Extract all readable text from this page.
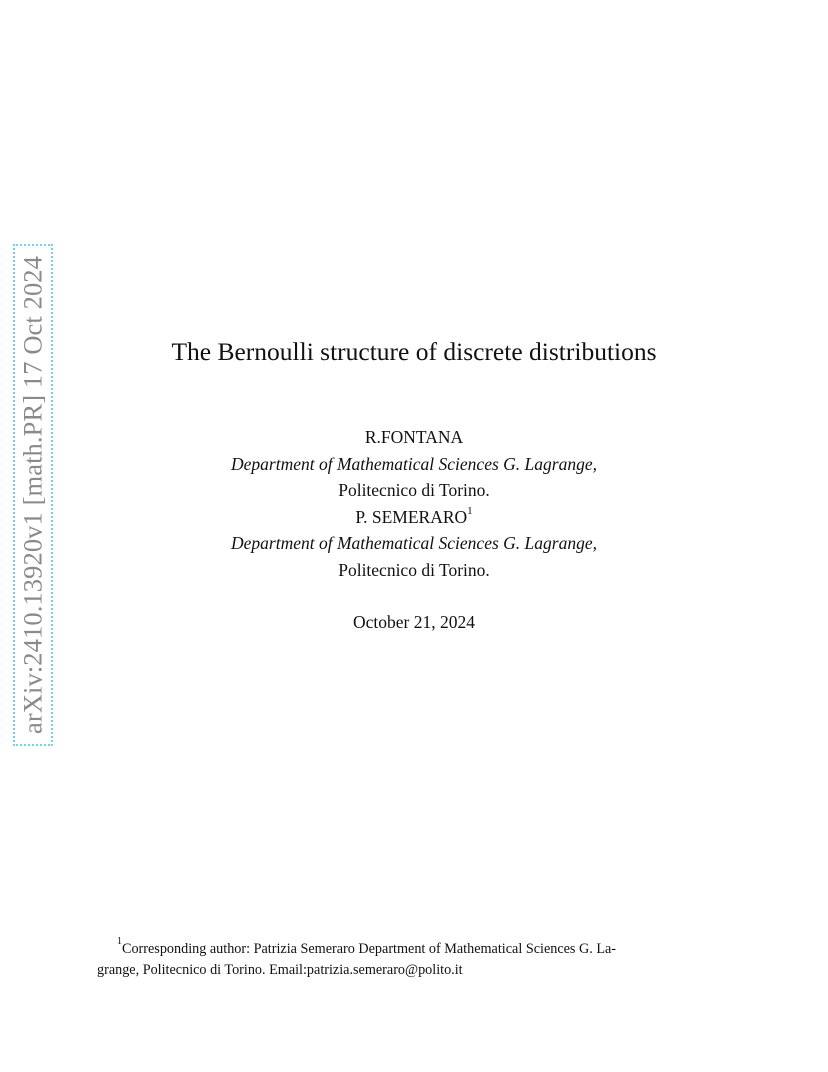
arXiv:2410.13920v1 [math.PR] 17 Oct 2024	The Bernoulli structure of discrete distributions
R.FONTANA
Department of Mathematical Sciences G. Lagrange,
Politecnico di Torino.
P. SEMERARO$^1$
Department of Mathematical Sciences G. Lagrange,
Politecnico di Torino.
October 21, 2024
$^1$Corresponding author: Patrizia Semeraro Department of Mathematical Sciences G. La-
grange, Politecnico di Torino. Email:patrizia.semeraro@polito.it
